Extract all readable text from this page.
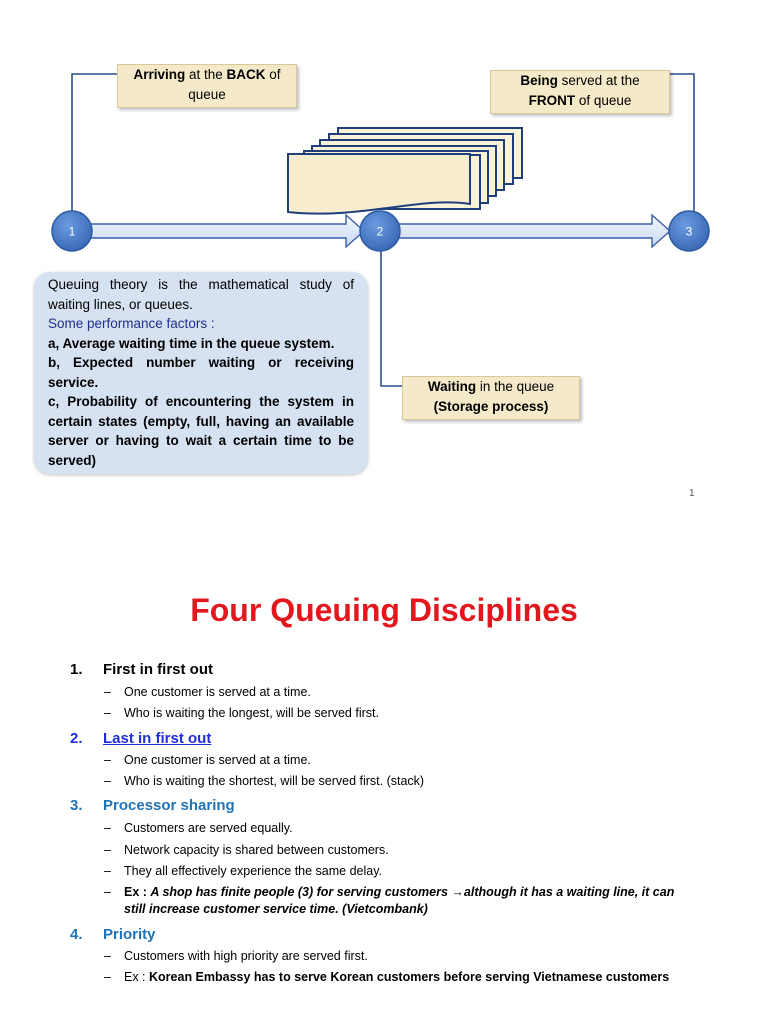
1	2	3
Arriving at the BACK of
queue
Being served at the
FRONT of queue
Waiting in the queue
(Storage process)

Queuing theory is the mathematical study of waiting lines, or queues.

Some performance factors :

a, Average waiting time in the queue system.

b, Expected number waiting or receiving service.

c, Probability of encountering the system in certain states (empty, full, having an available server or having to wait a certain time to be served)

1
Four Queuing Disciplines
1. First in first out
– One customer is served at a time.
– Who is waiting the longest, will be served first.
2. Last in first out
– One customer is served at a time.
– Who is waiting the shortest, will be served first. (stack)
3. Processor sharing
– Customers are served equally.
– Network capacity is shared between customers.
– They all effectively experience the same delay.
– Ex : A shop has finite people (3) for serving customers →although it has a waiting line, it can
still increase customer service time. (Vietcombank)
4. Priority
– Customers with high priority are served first.
– Ex : Korean Embassy has to serve Korean customers before serving Vietnamese customers
